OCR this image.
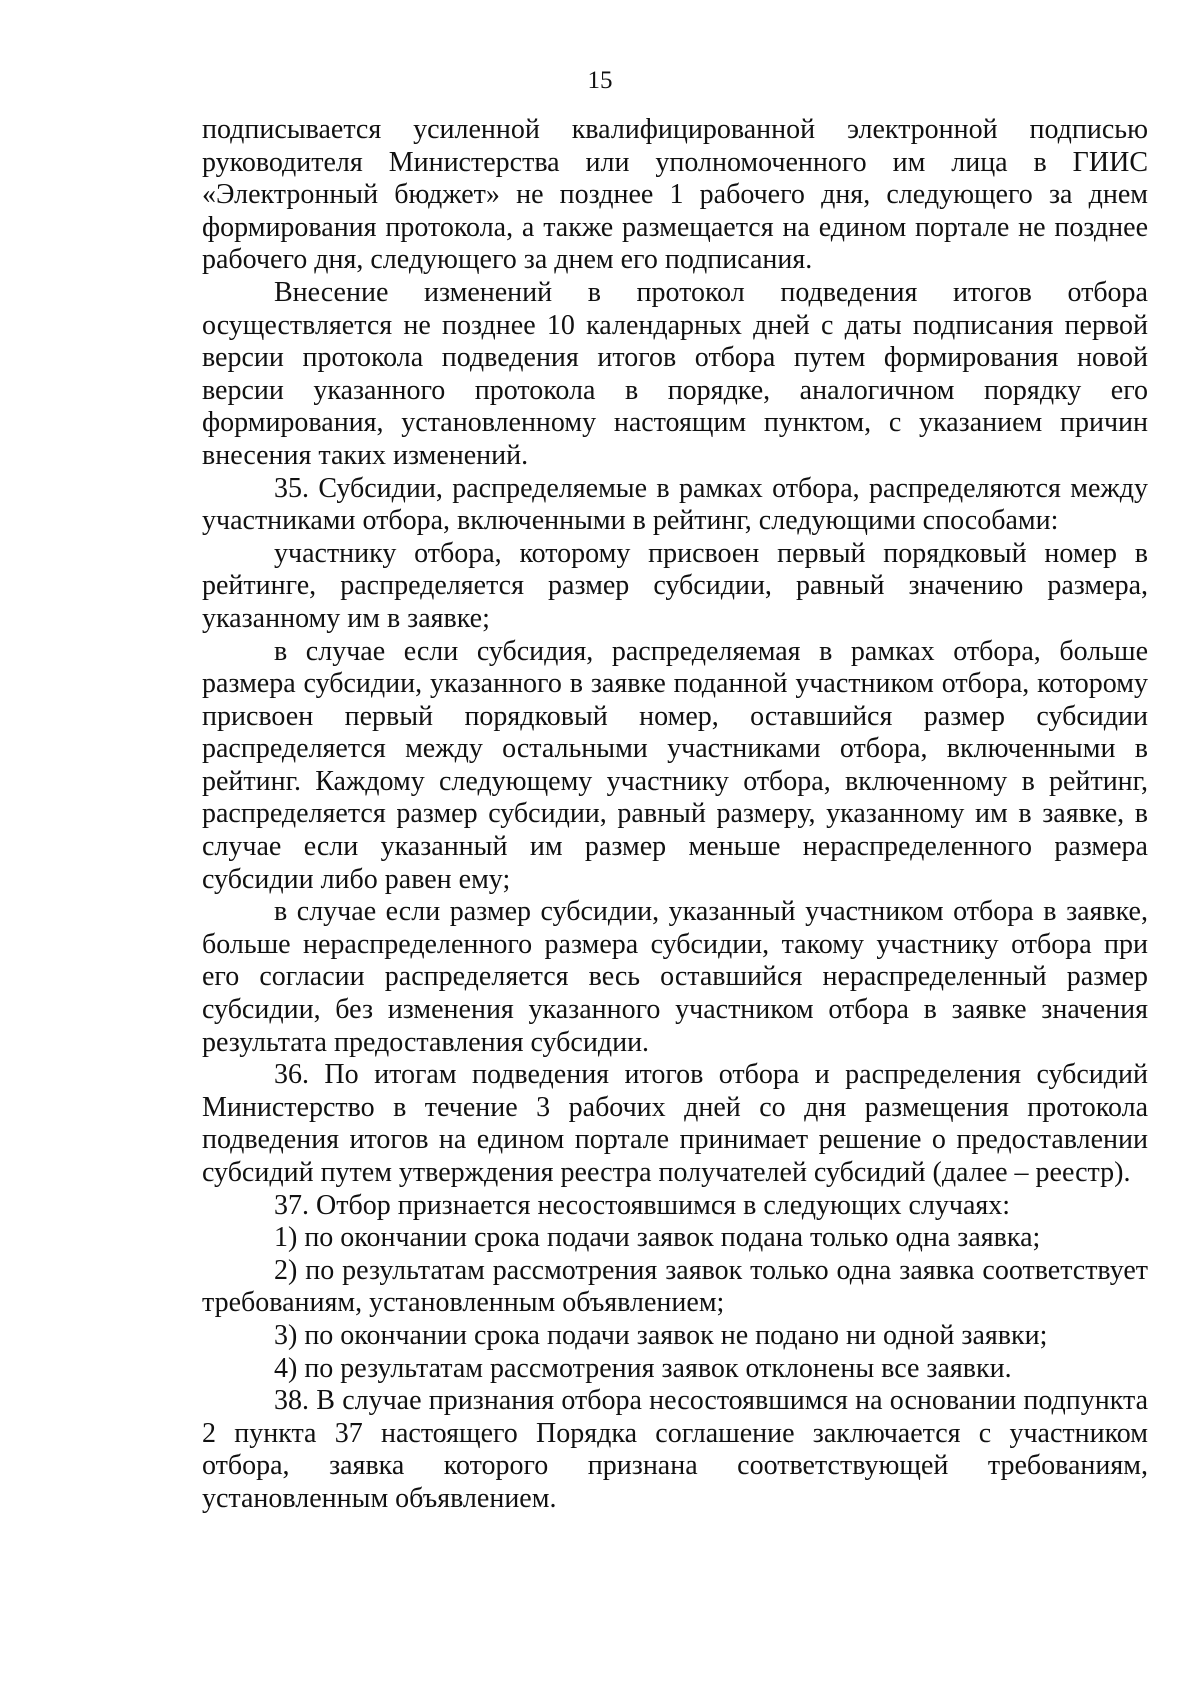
15

подписывается усиленной квалифицированной электронной подписью руководителя Министерства или уполномоченного им лица в ГИИС «Электронный бюджет» не позднее 1 рабочего дня, следующего за днем формирования протокола, а также размещается на едином портале не позднее рабочего дня, следующего за днем его подписания.

Внесение изменений в протокол подведения итогов отбора осуществляется не позднее 10 календарных дней с даты подписания первой версии протокола подведения итогов отбора путем формирования новой версии указанного протокола в порядке, аналогичном порядку его формирования, установленному настоящим пунктом, с указанием причин внесения таких изменений.

35. Субсидии, распределяемые в рамках отбора, распределяются между участниками отбора, включенными в рейтинг, следующими способами:

участнику отбора, которому присвоен первый порядковый номер в рейтинге, распределяется размер субсидии, равный значению размера, указанному им в заявке;

в случае если субсидия, распределяемая в рамках отбора, больше размера субсидии, указанного в заявке поданной участником отбора, которому присвоен первый порядковый номер, оставшийся размер субсидии распределяется между остальными участниками отбора, включенными в рейтинг. Каждому следующему участнику отбора, включенному в рейтинг, распределяется размер субсидии, равный размеру, указанному им в заявке, в случае если указанный им размер меньше нераспределенного размера субсидии либо равен ему;

в случае если размер субсидии, указанный участником отбора в заявке, больше нераспределенного размера субсидии, такому участнику отбора при его согласии распределяется весь оставшийся нераспределенный размер субсидии, без изменения указанного участником отбора в заявке значения результата предоставления субсидии.

36. По итогам подведения итогов отбора и распределения субсидий Министерство в течение 3 рабочих дней со дня размещения протокола подведения итогов на едином портале принимает решение о предоставлении субсидий путем утверждения реестра получателей субсидий (далее – реестр).

37. Отбор признается несостоявшимся в следующих случаях:

1) по окончании срока подачи заявок подана только одна заявка;

2) по результатам рассмотрения заявок только одна заявка соответствует требованиям, установленным объявлением;

3) по окончании срока подачи заявок не подано ни одной заявки;

4) по результатам рассмотрения заявок отклонены все заявки.

38. В случае признания отбора несостоявшимся на основании подпункта 2 пункта 37 настоящего Порядка соглашение заключается с участником отбора, заявка которого признана соответствующей требованиям, установленным объявлением.
